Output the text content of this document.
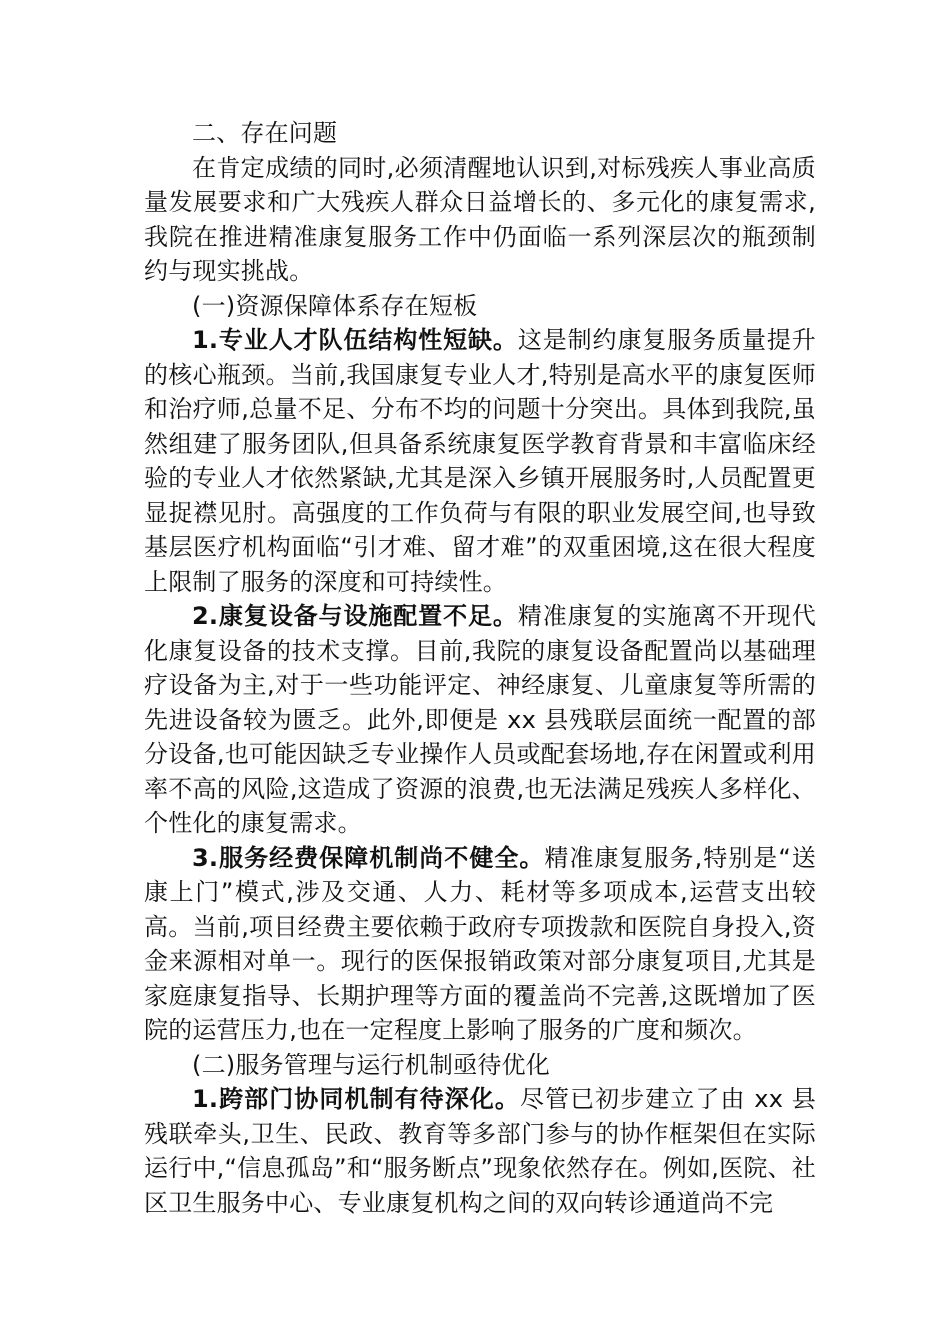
二、存在问题

在肯定成绩的同时,必须清醒地认识到,对标残疾人事业高质量发展要求和广大残疾人群众日益增长的、多元化的康复需求,我院在推进精准康复服务工作中仍面临一系列深层次的瓶颈制约与现实挑战。

(一)资源保障体系存在短板

1.专业人才队伍结构性短缺。这是制约康复服务质量提升的核心瓶颈。当前,我国康复专业人才,特别是高水平的康复医师和治疗师,总量不足、分布不均的问题十分突出。具体到我院,虽然组建了服务团队,但具备系统康复医学教育背景和丰富临床经验的专业人才依然紧缺,尤其是深入乡镇开展服务时,人员配置更显捉襟见肘。高强度的工作负荷与有限的职业发展空间,也导致基层医疗机构面临“引才难、留才难”的双重困境,这在很大程度上限制了服务的深度和可持续性。

2.康复设备与设施配置不足。精准康复的实施离不开现代化康复设备的技术支撑。目前,我院的康复设备配置尚以基础理疗设备为主,对于一些功能评定、神经康复、儿童康复等所需的先进设备较为匮乏。此外,即便是 xx 县残联层面统一配置的部分设备,也可能因缺乏专业操作人员或配套场地,存在闲置或利用率不高的风险,这造成了资源的浪费,也无法满足残疾人多样化、个性化的康复需求。

3.服务经费保障机制尚不健全。精准康复服务,特别是“送康上门”模式,涉及交通、人力、耗材等多项成本,运营支出较高。当前,项目经费主要依赖于政府专项拨款和医院自身投入,资金来源相对单一。现行的医保报销政策对部分康复项目,尤其是家庭康复指导、长期护理等方面的覆盖尚不完善,这既增加了医院的运营压力,也在一定程度上影响了服务的广度和频次。

(二)服务管理与运行机制亟待优化

1.跨部门协同机制有待深化。尽管已初步建立了由 xx 县残联牵头,卫生、民政、教育等多部门参与的协作框架但在实际运行中,“信息孤岛”和“服务断点”现象依然存在。例如,医院、社区卫生服务中心、专业康复机构之间的双向转诊通道尚不完
